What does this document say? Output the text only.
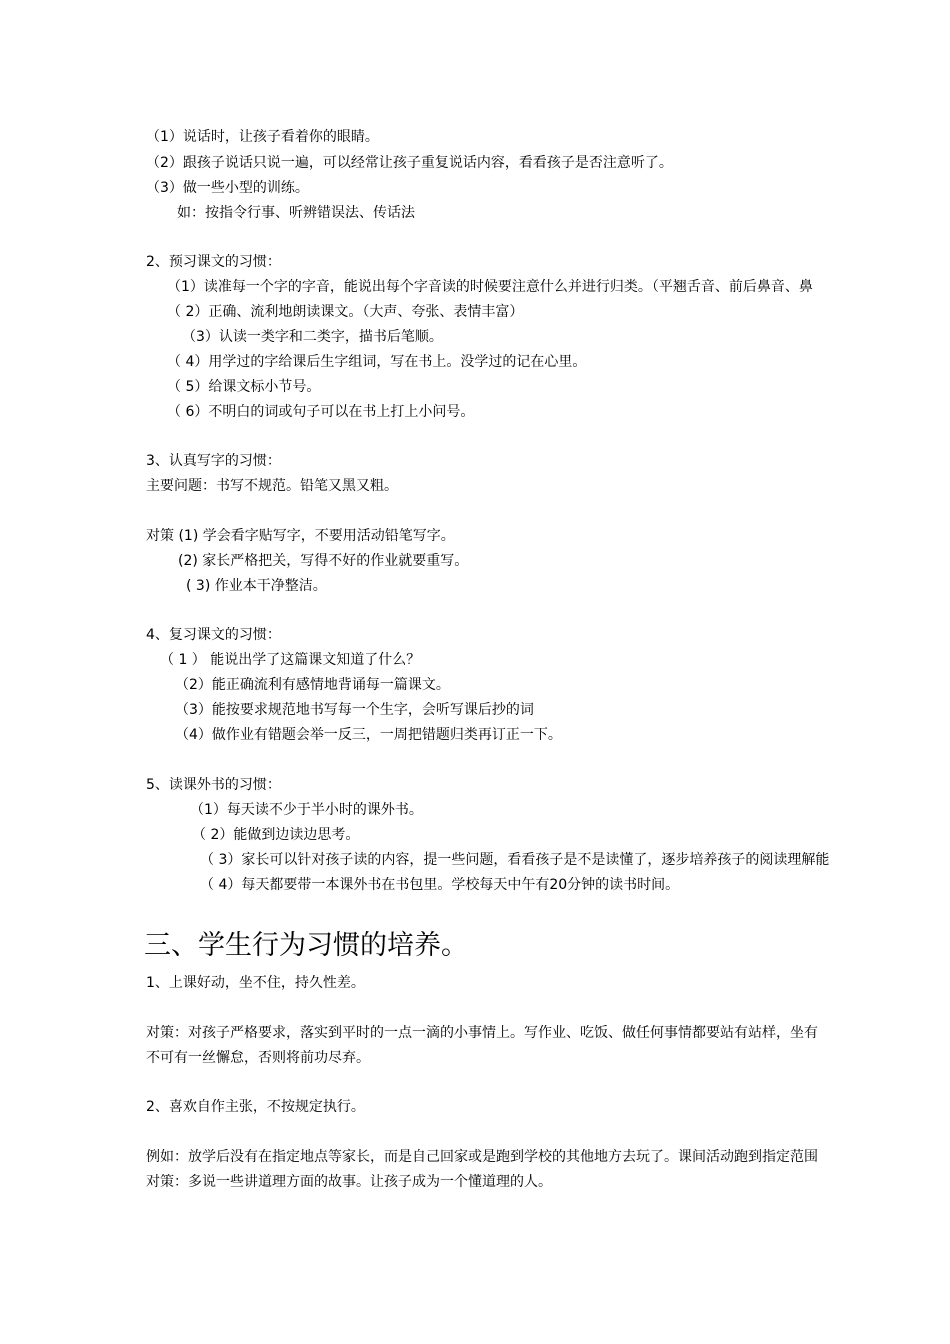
（1）说话时，让孩子看着你的眼睛。
（2）跟孩子说话只说一遍，可以经常让孩子重复说话内容，看看孩子是否注意听了。
（3）做一些小型的训练。
如：按指令行事、听辨错误法、传话法
2、预习课文的习惯：
（1）读准每一个字的字音，能说出每个字音读的时候要注意什么并进行归类。（平翘舌音、前后鼻音、鼻
（ 2）正确、流利地朗读课文。（大声、夸张、表情丰富）
（3）认读一类字和二类字，描书后笔顺。
（ 4）用学过的字给课后生字组词，写在书上。没学过的记在心里。
（ 5）给课文标小节号。
（ 6）不明白的词或句子可以在书上打上小问号。
3、认真写字的习惯：
主要问题：书写不规范。铅笔又黑又粗。
对策 (1) 学会看字贴写字，不要用活动铅笔写字。
(2) 家长严格把关，写得不好的作业就要重写。
( 3) 作业本干净整洁。
4、复习课文的习惯：
（ 1 ） 能说出学了这篇课文知道了什么？
（2）能正确流利有感情地背诵每一篇课文。
（3）能按要求规范地书写每一个生字，会听写课后抄的词
（4）做作业有错题会举一反三，一周把错题归类再订正一下。
5、读课外书的习惯：
（1）每天读不少于半小时的课外书。
（ 2）能做到边读边思考。
（ 3）家长可以针对孩子读的内容，提一些问题，看看孩子是不是读懂了，逐步培养孩子的阅读理解能
（ 4）每天都要带一本课外书在书包里。学校每天中午有20分钟的读书时间。
三、学生行为习惯的培养。
1、上课好动，坐不住，持久性差。
对策：对孩子严格要求，落实到平时的一点一滴的小事情上。写作业、吃饭、做任何事情都要站有站样，坐有
不可有一丝懈怠，否则将前功尽弃。
2、喜欢自作主张，不按规定执行。
例如：放学后没有在指定地点等家长，而是自己回家或是跑到学校的其他地方去玩了。课间活动跑到指定范围
对策：多说一些讲道理方面的故事。让孩子成为一个懂道理的人。
